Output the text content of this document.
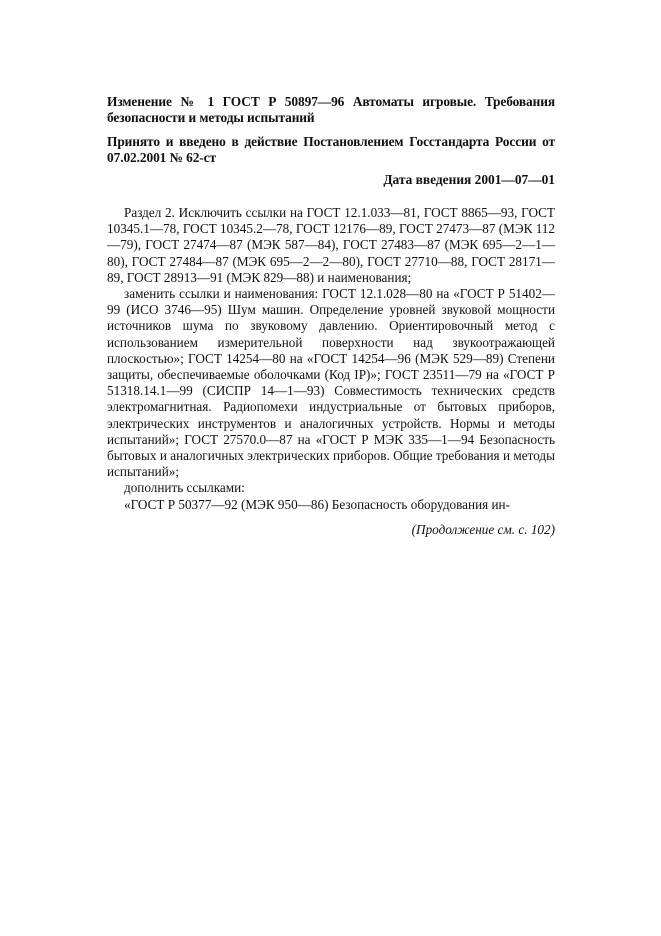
Изменение № 1 ГОСТ Р 50897—96 Автоматы игровые. Требования безопасности и методы испытаний
Принято и введено в действие Постановлением Госстандарта России от 07.02.2001 № 62-ст
Дата введения 2001—07—01

Раздел 2. Исключить ссылки на ГОСТ 12.1.033—81, ГОСТ 8865—93, ГОСТ 10345.1—78, ГОСТ 10345.2—78, ГОСТ 12176—89, ГОСТ 27473—87 (МЭК 112—79), ГОСТ 27474—87 (МЭК 587—84), ГОСТ 27483—87 (МЭК 695—2—1—80), ГОСТ 27484—87 (МЭК 695—2—2—80), ГОСТ 27710—88, ГОСТ 28171—89, ГОСТ 28913—91 (МЭК 829—88) и наименования;

заменить ссылки и наименования: ГОСТ 12.1.028—80 на «ГОСТ Р 51402—99 (ИСО 3746—95) Шум машин. Определение уровней звуковой мощности источников шума по звуковому давлению. Ориентировочный метод с использованием измерительной поверхности над звукоотражающей плоскостью»; ГОСТ 14254—80 на «ГОСТ 14254—96 (МЭК 529—89) Степени защиты, обеспечиваемые оболочками (Код IP)»; ГОСТ 23511—79 на «ГОСТ Р 51318.14.1—99 (СИСПР 14—1—93) Совместимость технических средств электромагнитная. Радиопомехи индустриальные от бытовых приборов, электрических инструментов и аналогичных устройств. Нормы и методы испытаний»; ГОСТ 27570.0—87 на «ГОСТ Р МЭК 335—1—94 Безопасность бытовых и аналогичных электрических приборов. Общие требования и методы испытаний»;

дополнить ссылками:

«ГОСТ Р 50377—92 (МЭК 950—86) Безопасность оборудования ин-

(Продолжение см. с. 102)
